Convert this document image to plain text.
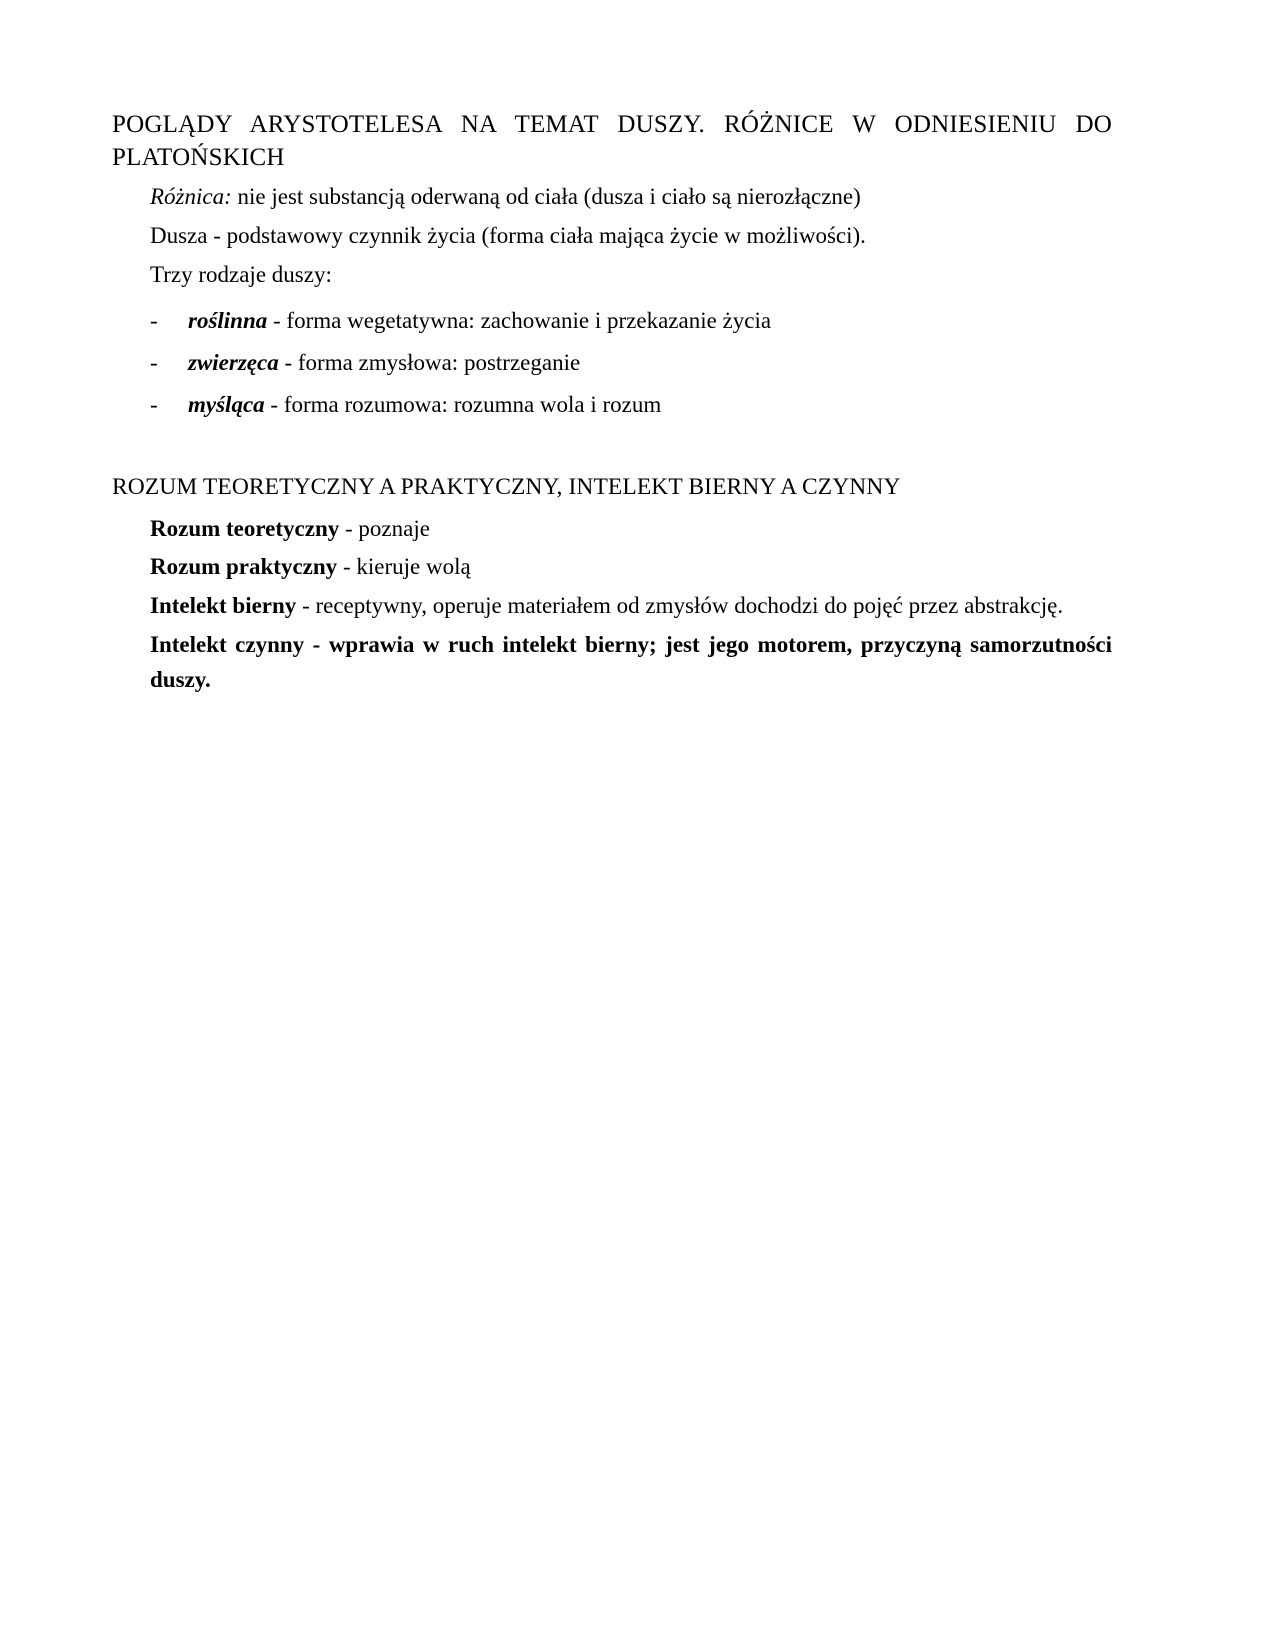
POGLĄDY ARYSTOTELESA NA TEMAT DUSZY. RÓŻNICE W ODNIESIENIU DO PLATOŃSKICH

Różnica: nie jest substancją oderwaną od ciała (dusza i ciało są nierozłączne)

Dusza - podstawowy czynnik życia (forma ciała mająca życie w możliwości).

Trzy rodzaje duszy:

- roślinna - forma wegetatywna: zachowanie i przekazanie życia
- zwierzęca - forma zmysłowa: postrzeganie
- myśląca - forma rozumowa: rozumna wola i rozum
ROZUM TEORETYCZNY A PRAKTYCZNY, INTELEKT BIERNY A CZYNNY

Rozum teoretyczny - poznaje

Rozum praktyczny - kieruje wolą

Intelekt bierny - receptywny, operuje materiałem od zmysłów dochodzi do pojęć przez abstrakcję.

Intelekt czynny - wprawia w ruch intelekt bierny; jest jego motorem, przyczyną samorzutności duszy.
